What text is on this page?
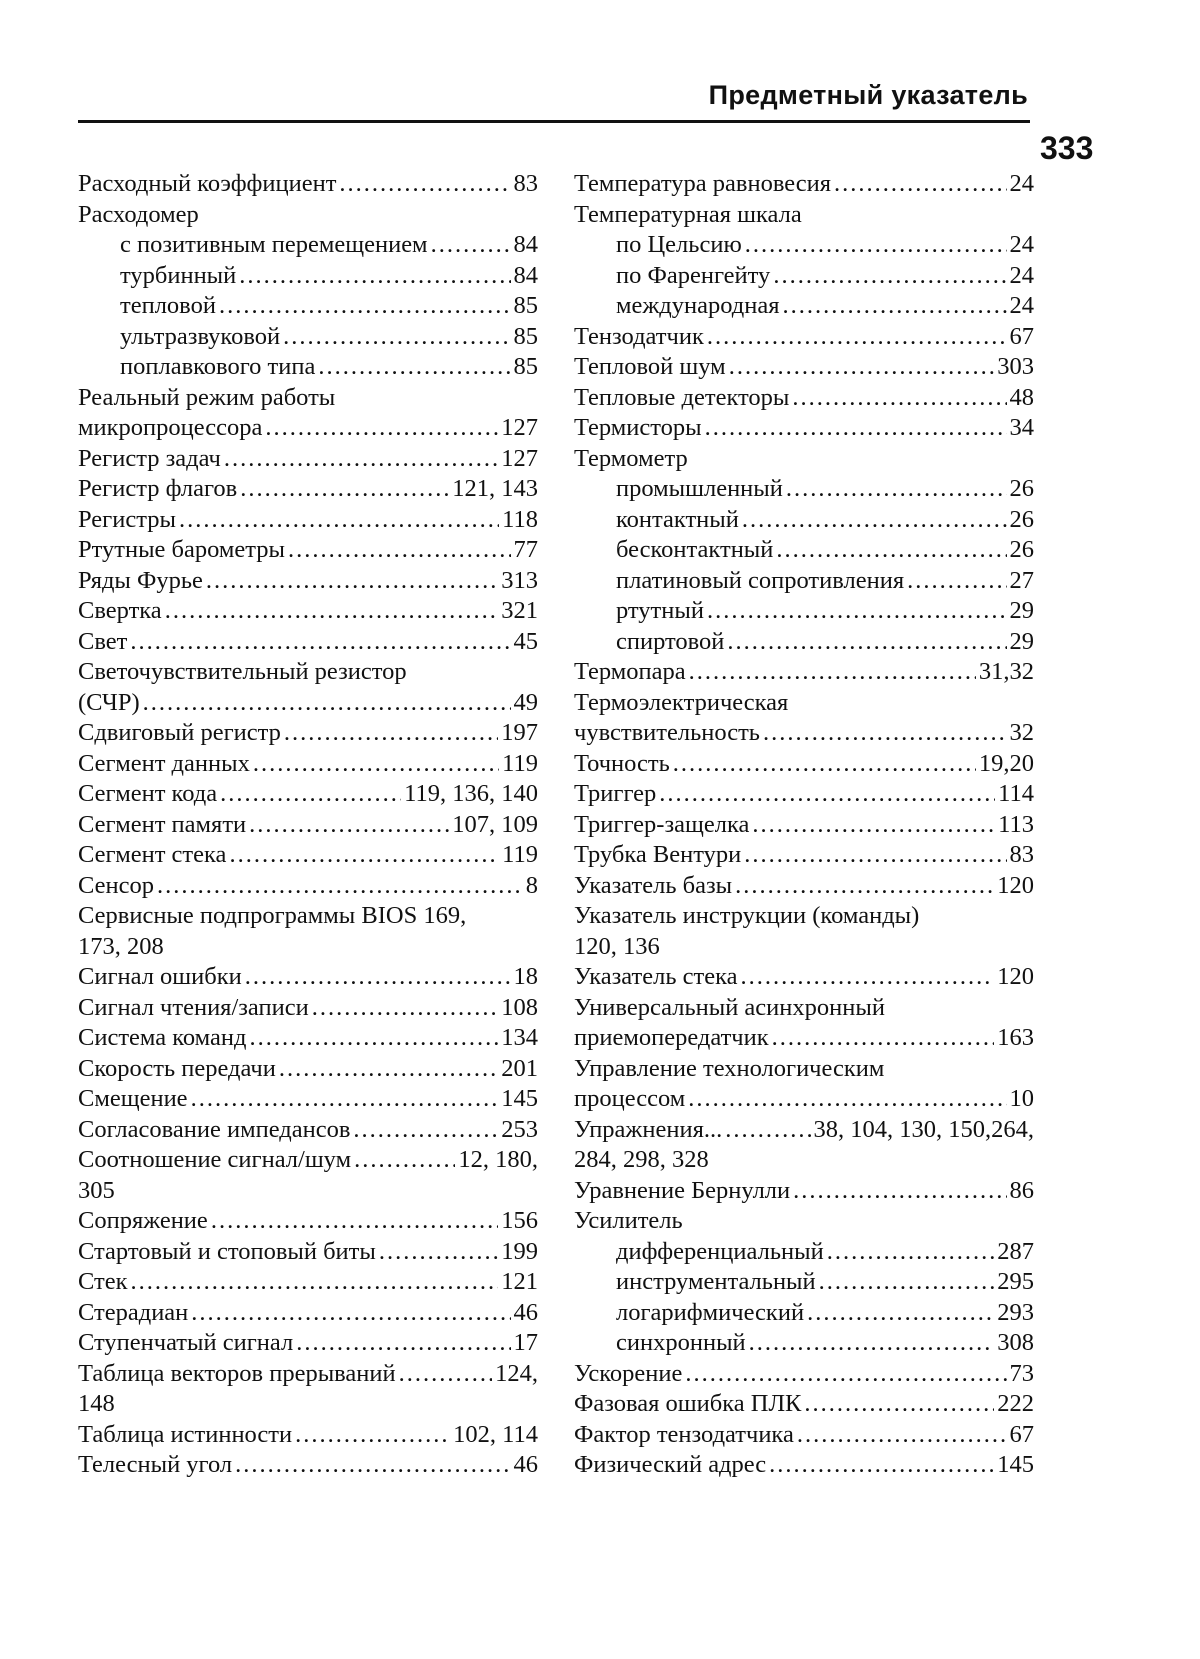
Предметный указатель
333
Расходный коэффициент .....	83
Расходомер
с позитивным перемещением .....	84
турбинный .....	84
тепловой .....	85
ультразвуковой .....	85
поплавкового типа .....	85
Реальный режим работы
микропроцессора .....	127
Регистр задач .....	127
Регистр флагов .....	121, 143
Регистры .....	118
Ртутные барометры .....	77
Ряды Фурье .....	313
Свертка .....	321
Свет .....	45
Светочувствительный резистор
(СЧР) .....	49
Сдвиговый регистр .....	197
Сегмент данных .....	119
Сегмент кода .....	119, 136, 140
Сегмент памяти .....	107, 109
Сегмент стека .....	119
Сенсор .....	8
Сервисные подпрограммы BIOS 169,
173, 208
Сигнал ошибки .....	18
Сигнал чтения/записи .....	108
Система команд .....	134
Скорость передачи .....	201
Смещение .....	145
Согласование импедансов .....	253
Соотношение сигнал/шум .....	12, 180,
305
Сопряжение .....	156
Стартовый и стоповый биты .....	199
Стек .....	121
Стерадиан .....	46
Ступенчатый сигнал .....	17
Таблица векторов прерываний .....	124,
148
Таблица истинности .....	102, 114
Телесный угол .....	46
Температура равновесия .....	24
Температурная шкала
по Цельсию .....	24
по Фаренгейту .....	24
международная .....	24
Тензодатчик .....	67
Тепловой шум .....	303
Тепловые детекторы .....	48
Термисторы .....	34
Термометр
промышленный .....	26
контактный .....	26
бесконтактный .....	26
платиновый сопротивления .....	27
ртутный .....	29
спиртовой .....	29
Термопара .....	31,32
Термоэлектрическая
чувствительность .....	32
Точность .....	19,20
Триггер .....	114
Триггер-защелка .....	113
Трубка Вентури .....	83
Указатель базы .....	120
Указатель инструкции (команды)
120, 136
Указатель стека .....	120
Универсальный асинхронный
приемопередатчик .....	163
Управление технологическим
процессом .....	10
Упражнения... .....	38, 104, 130, 150,264,
284, 298, 328
Уравнение Бернулли .....	86
Усилитель
дифференциальный .....	287
инструментальный .....	295
логарифмический .....	293
синхронный .....	308
Ускорение .....	73
Фазовая ошибка ПЛК .....	222
Фактор тензодатчика .....	67
Физический адрес .....	145
